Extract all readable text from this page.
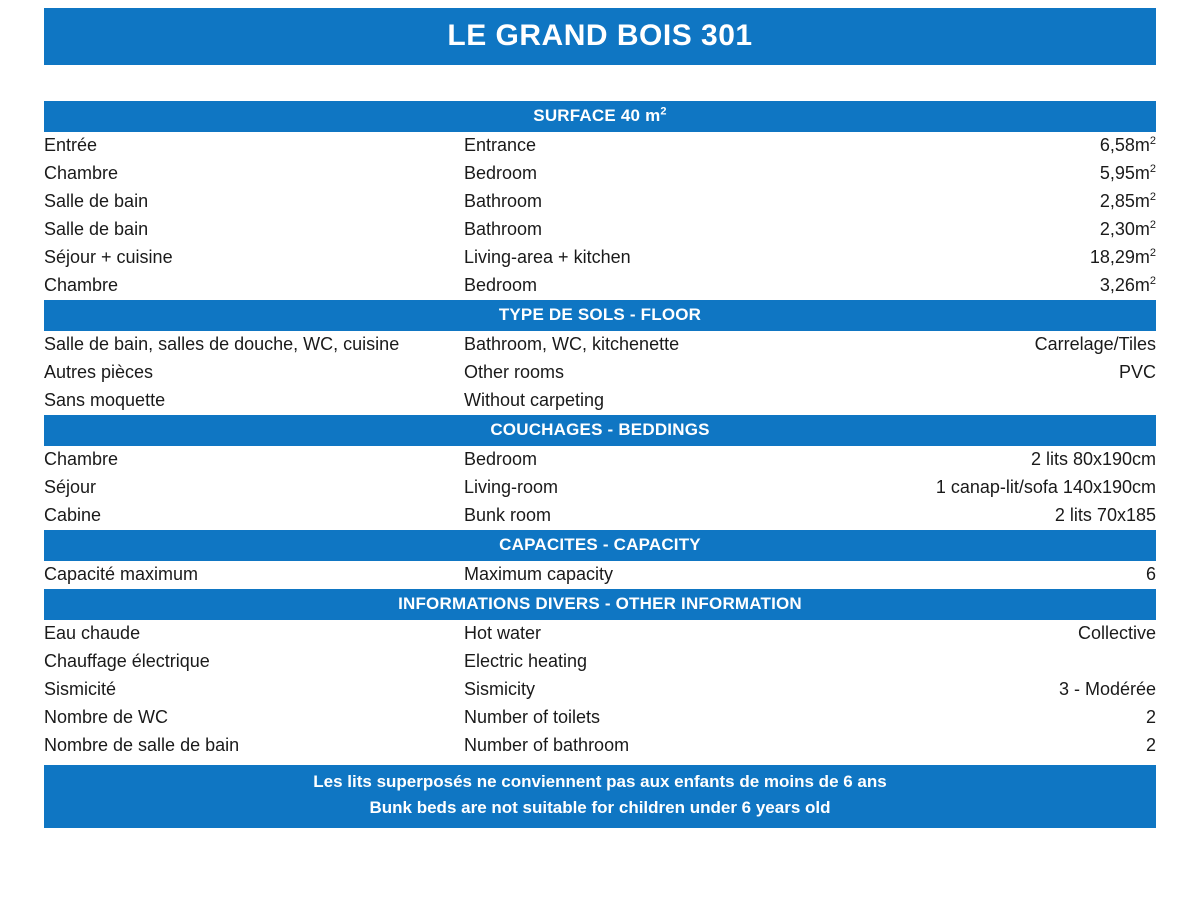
LE GRAND BOIS 301
SURFACE 40 $m^2$
Entrée	Entrance	$6,58m^2$
Chambre	Bedroom	$5,95m^2$
Salle de bain	Bathroom	$2,85m^2$
Salle de bain	Bathroom	$2,30m^2$
Séjour + cuisine	Living-area + kitchen	$18,29m^2$
Chambre	Bedroom	$3,26m^2$
TYPE DE SOLS - FLOOR
Salle de bain, salles de douche, WC, cuisine	Bathroom, WC, kitchenette	Carrelage/Tiles
Autres pièces	Other rooms	PVC
Sans moquette	Without carpeting	
COUCHAGES - BEDDINGS
Chambre	Bedroom	2 lits 80x190cm
Séjour	Living-room	1 canap-lit/sofa 140x190cm
Cabine	Bunk room	2 lits 70x185
CAPACITES - CAPACITY
Capacité maximum	Maximum capacity	6
INFORMATIONS DIVERS - OTHER INFORMATION
Eau chaude	Hot water	Collective
Chauffage électrique	Electric heating	
Sismicité	Sismicity	3 - Modérée
Nombre de WC	Number of toilets	2
Nombre de salle de bain	Number of bathroom	2
Les lits superposés ne conviennent pas aux enfants de moins de 6 ans
Bunk beds are not suitable for children under 6 years old
